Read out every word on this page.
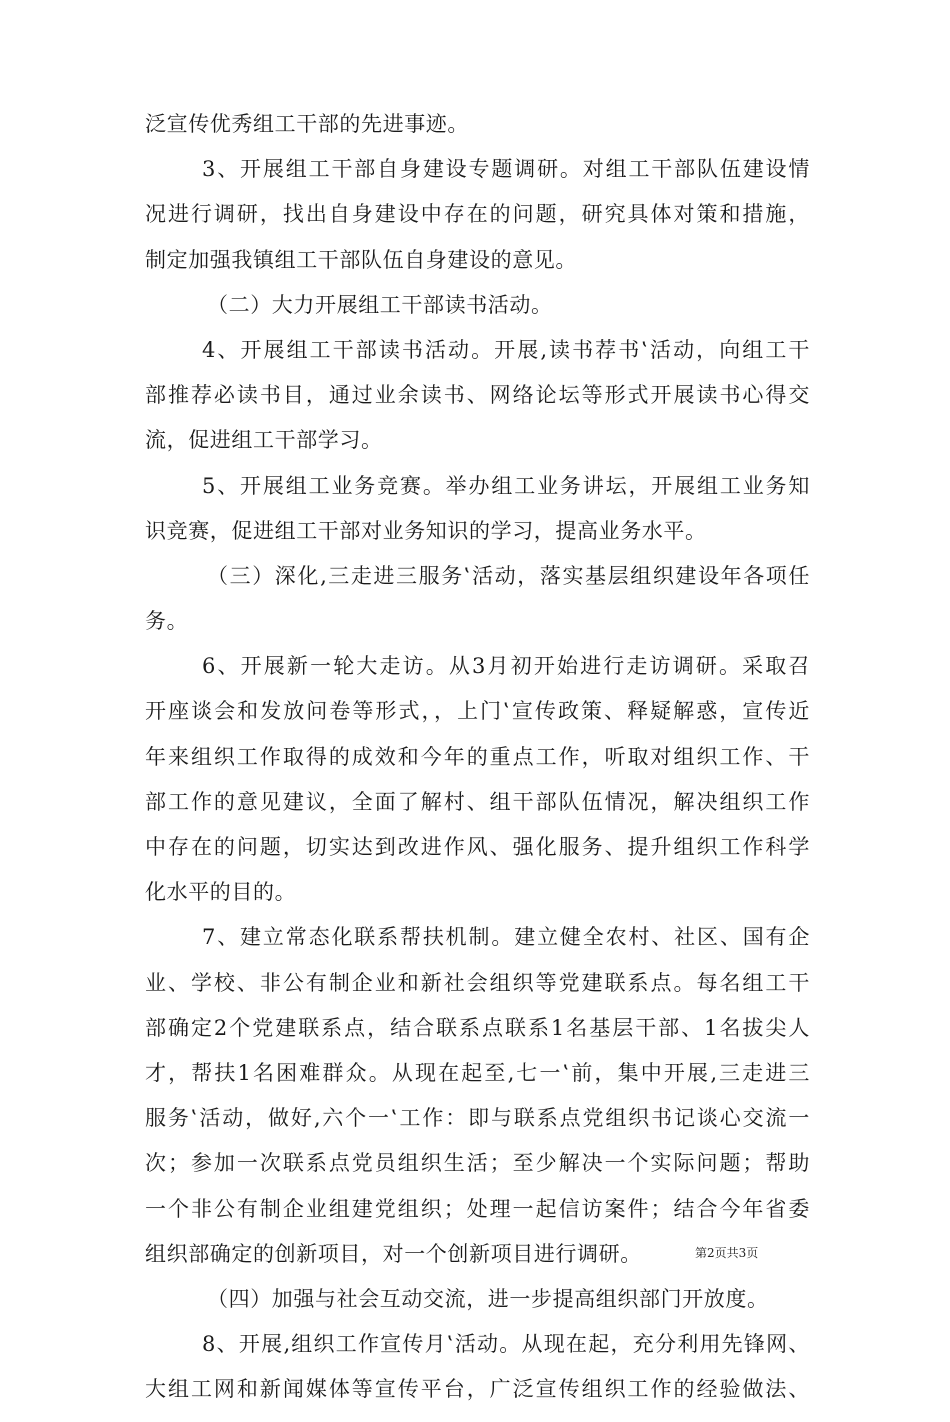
泛宣传优秀组工干部的先进事迹。
3、开展组工干部自身建设专题调研。对组工干部队伍建设情
况进行调研，找出自身建设中存在的问题，研究具体对策和措施，
制定加强我镇组工干部队伍自身建设的意见。
（二）大力开展组工干部读书活动。
4、开展组工干部读书活动。开展‚读书荐书‛活动，向组工干
部推荐必读书目，通过业余读书、网络论坛等形式开展读书心得交
流，促进组工干部学习。
5、开展组工业务竞赛。举办组工业务讲坛，开展组工业务知
识竞赛，促进组工干部对业务知识的学习，提高业务水平。
（三）深化‚三走进三服务‛活动，落实基层组织建设年各项任
务。
6、开展新一轮大走访。从3月初开始进行走访调研。采取召
开座谈会和发放问卷等形式，，上门‛宣传政策、释疑解惑，宣传近
年来组织工作取得的成效和今年的重点工作，听取对组织工作、干
部工作的意见建议，全面了解村、组干部队伍情况，解决组织工作
中存在的问题，切实达到改进作风、强化服务、提升组织工作科学
化水平的目的。
7、建立常态化联系帮扶机制。建立健全农村、社区、国有企
业、学校、非公有制企业和新社会组织等党建联系点。每名组工干
部确定2个党建联系点，结合联系点联系1名基层干部、1名拔尖人
才，帮扶1名困难群众。从现在起至‚七一‛前，集中开展‚三走进三
服务‛活动，做好‚六个一‛工作：即与联系点党组织书记谈心交流一
次；参加一次联系点党员组织生活；至少解决一个实际问题；帮助
一个非公有制企业组建党组织；处理一起信访案件；结合今年省委
组织部确定的创新项目，对一个创新项目进行调研。
（四）加强与社会互动交流，进一步提高组织部门开放度。
8、开展‚组织工作宣传月‛活动。从现在起，充分利用先锋网、
大组工网和新闻媒体等宣传平台，广泛宣传组织工作的经验做法、
第2页共3页
